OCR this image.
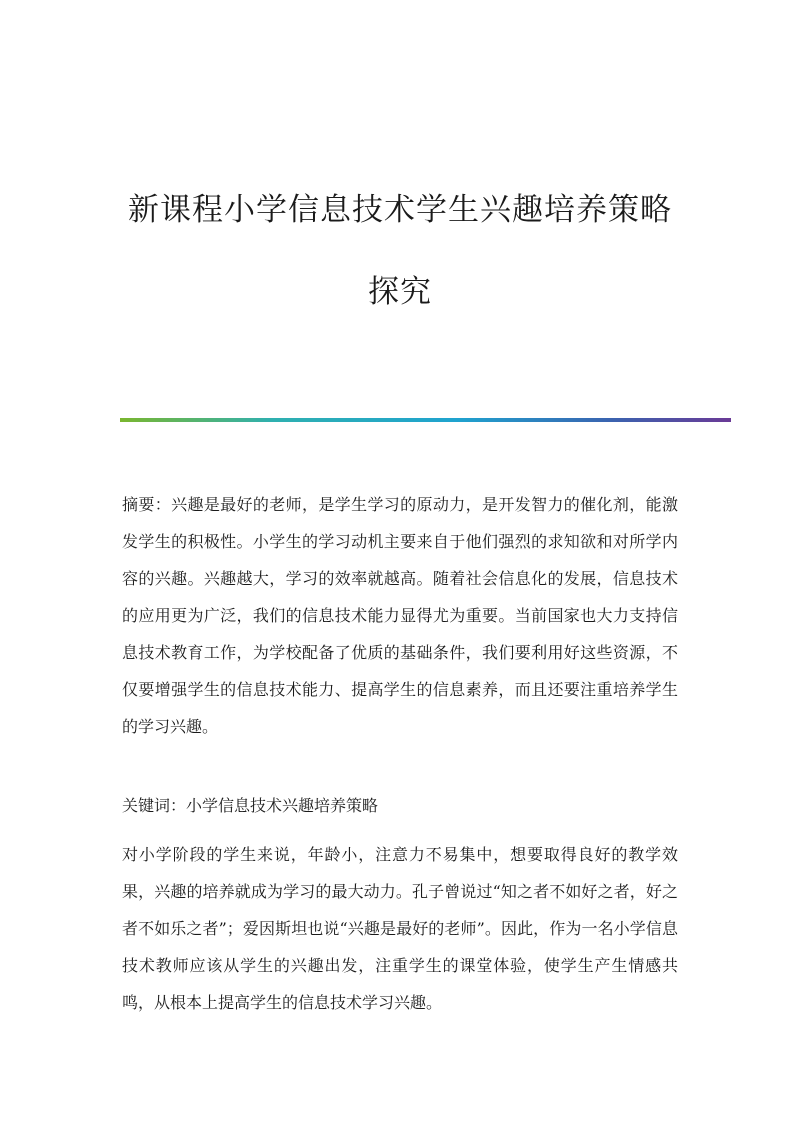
新课程小学信息技术学生兴趣培养策略
探究

摘要：兴趣是最好的老师，是学生学习的原动力，是开发智力的催化剂，能激发学生的积极性。小学生的学习动机主要来自于他们强烈的求知欲和对所学内容的兴趣。兴趣越大，学习的效率就越高。随着社会信息化的发展，信息技术的应用更为广泛，我们的信息技术能力显得尤为重要。当前国家也大力支持信息技术教育工作，为学校配备了优质的基础条件，我们要利用好这些资源，不仅要增强学生的信息技术能力、提高学生的信息素养，而且还要注重培养学生的学习兴趣。

关键词：小学信息技术兴趣培养策略

对小学阶段的学生来说，年龄小，注意力不易集中，想要取得良好的教学效果，兴趣的培养就成为学习的最大动力。孔子曾说过“知之者不如好之者，好之者不如乐之者”；爱因斯坦也说“兴趣是最好的老师”。因此，作为一名小学信息技术教师应该从学生的兴趣出发，注重学生的课堂体验，使学生产生情感共鸣，从根本上提高学生的信息技术学习兴趣。
